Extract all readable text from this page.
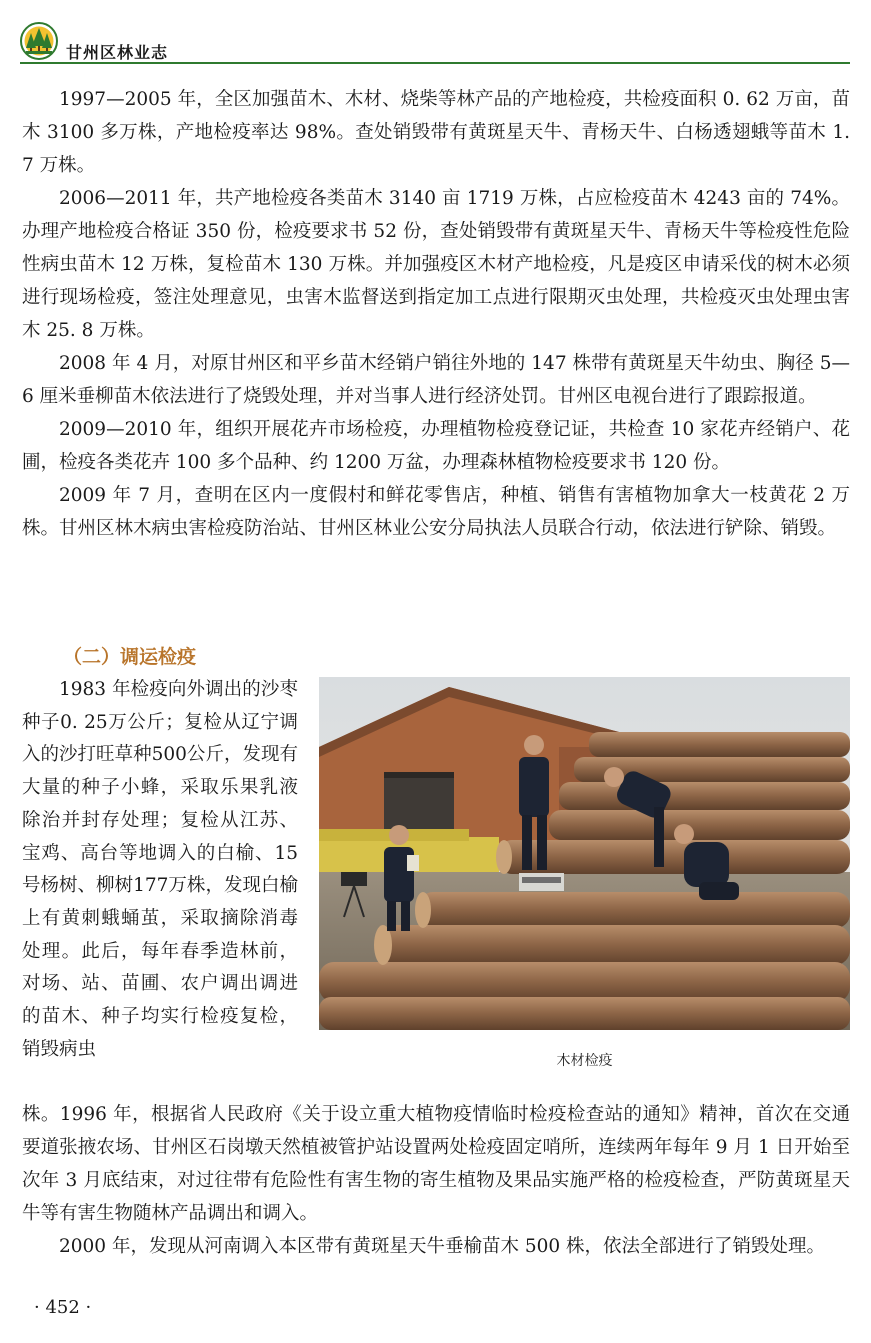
甘州区林业志

1997—2005 年，全区加强苗木、木材、烧柴等林产品的产地检疫，共检疫面积 0. 62 万亩，苗木 3100 多万株，产地检疫率达 98%。查处销毁带有黄斑星天牛、青杨天牛、白杨透翅蛾等苗木 1. 7 万株。

2006—2011 年，共产地检疫各类苗木 3140 亩 1719 万株，占应检疫苗木 4243 亩的 74%。办理产地检疫合格证 350 份，检疫要求书 52 份，查处销毁带有黄斑星天牛、青杨天牛等检疫性危险性病虫苗木 12 万株，复检苗木 130 万株。并加强疫区木材产地检疫，凡是疫区申请采伐的树木必须进行现场检疫，签注处理意见，虫害木监督送到指定加工点进行限期灭虫处理，共检疫灭虫处理虫害木 25. 8 万株。

2008 年 4 月，对原甘州区和平乡苗木经销户销往外地的 147 株带有黄斑星天牛幼虫、胸径 5—6 厘米垂柳苗木依法进行了烧毁处理，并对当事人进行经济处罚。甘州区电视台进行了跟踪报道。

2009—2010 年，组织开展花卉市场检疫，办理植物检疫登记证，共检查 10 家花卉经销户、花圃，检疫各类花卉 100 多个品种、约 1200 万盆，办理森林植物检疫要求书 120 份。

2009 年 7 月，查明在区内一度假村和鲜花零售店，种植、销售有害植物加拿大一枝黄花 2 万株。甘州区林木病虫害检疫防治站、甘州区林业公安分局执法人员联合行动，依法进行铲除、销毁。

（二）调运检疫

1983 年检疫向外调出的沙枣种子0. 25万公斤；复检从辽宁调入的沙打旺草种500公斤，发现有大量的种子小蜂，采取乐果乳液除治并封存处理；复检从江苏、宝鸡、高台等地调入的白榆、15 号杨树、柳树177万株，发现白榆上有黄刺蛾蛹茧，采取摘除消毒处理。此后，每年春季造林前，对场、站、苗圃、农户调出调进的苗木、种子均实行检疫复检，销毁病虫

木材检疫

株。1996 年，根据省人民政府《关于设立重大植物疫情临时检疫检查站的通知》精神，首次在交通要道张掖农场、甘州区石岗墩天然植被管护站设置两处检疫固定哨所，连续两年每年 9 月 1 日开始至次年 3 月底结束，对过往带有危险性有害生物的寄生植物及果品实施严格的检疫检查，严防黄斑星天牛等有害生物随林产品调出和调入。

2000 年，发现从河南调入本区带有黄斑星天牛垂榆苗木 500 株，依法全部进行了销毁处理。

· 452 ·
